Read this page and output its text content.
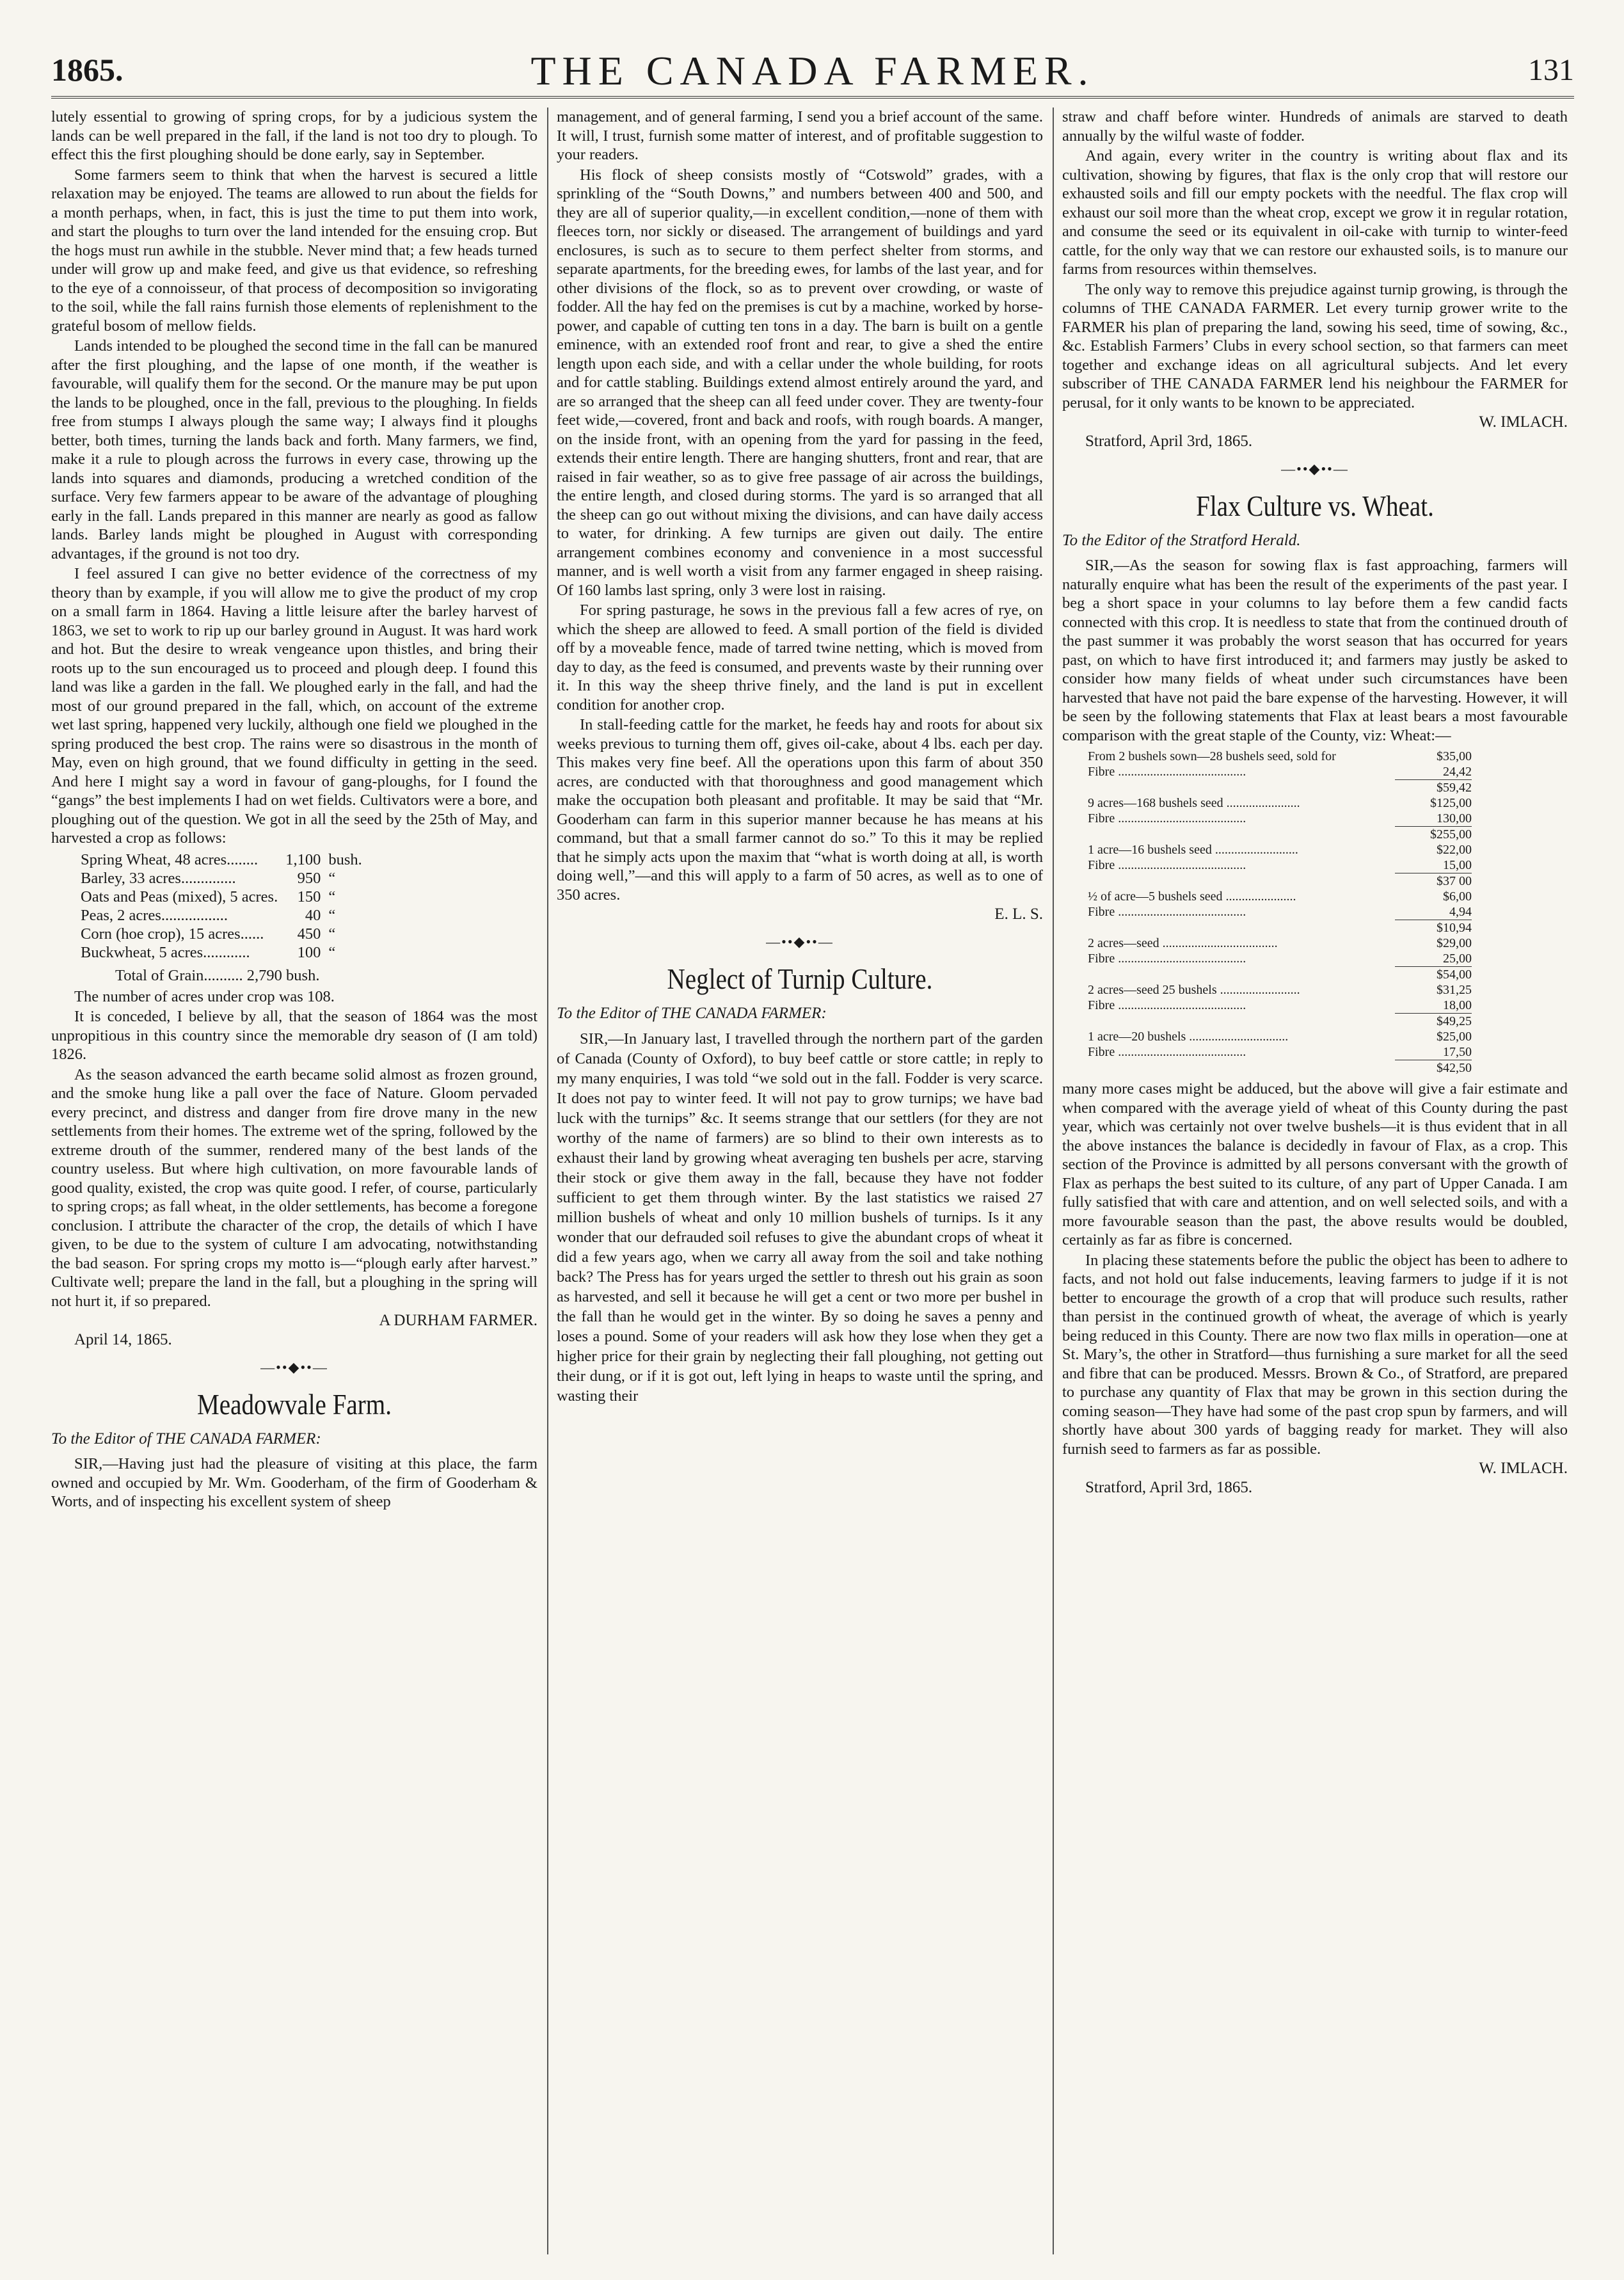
1865.	THE CANADA FARMER.	131

lutely essential to growing of spring crops, for by a judicious system the lands can be well prepared in the fall, if the land is not too dry to plough. To effect this the first ploughing should be done early, say in September.

Some farmers seem to think that when the harvest is secured a little relaxation may be enjoyed. The teams are allowed to run about the fields for a month perhaps, when, in fact, this is just the time to put them into work, and start the ploughs to turn over the land intended for the ensuing crop. But the hogs must run awhile in the stubble. Never mind that; a few heads turned under will grow up and make feed, and give us that evidence, so refreshing to the eye of a connoisseur, of that process of decomposition so invigorating to the soil, while the fall rains furnish those elements of replenishment to the grateful bosom of mellow fields.

Lands intended to be ploughed the second time in the fall can be manured after the first ploughing, and the lapse of one month, if the weather is favourable, will qualify them for the second. Or the manure may be put upon the lands to be ploughed, once in the fall, previous to the ploughing. In fields free from stumps I always plough the same way; I always find it ploughs better, both times, turning the lands back and forth. Many farmers, we find, make it a rule to plough across the furrows in every case, throwing up the lands into squares and diamonds, producing a wretched condition of the surface. Very few farmers appear to be aware of the advantage of ploughing early in the fall. Lands prepared in this manner are nearly as good as fallow lands. Barley lands might be ploughed in August with corresponding advantages, if the ground is not too dry.

I feel assured I can give no better evidence of the correctness of my theory than by example, if you will allow me to give the product of my crop on a small farm in 1864. Having a little leisure after the barley harvest of 1863, we set to work to rip up our barley ground in August. It was hard work and hot. But the desire to wreak vengeance upon thistles, and bring their roots up to the sun encouraged us to proceed and plough deep. I found this land was like a garden in the fall. We ploughed early in the fall, and had the most of our ground prepared in the fall, which, on account of the extreme wet last spring, happened very luckily, although one field we ploughed in the spring produced the best crop. The rains were so disastrous in the month of May, even on high ground, that we found difficulty in getting in the seed. And here I might say a word in favour of gang-ploughs, for I found the “gangs” the best implements I had on wet fields. Cultivators were a bore, and ploughing out of the question. We got in all the seed by the 25th of May, and harvested a crop as follows:

Spring Wheat, 48 acres........	1,100	bush.
Barley, 33 acres..............	950	“
Oats and Peas (mixed), 5 acres.	150	“
Peas, 2 acres.................	40	“
Corn (hoe crop), 15 acres......	450	“
Buckwheat, 5 acres............	100	“
Total of Grain.......... 2,790 bush.

The number of acres under crop was 108.

It is conceded, I believe by all, that the season of 1864 was the most unpropitious in this country since the memorable dry season of (I am told) 1826.

As the season advanced the earth became solid almost as frozen ground, and the smoke hung like a pall over the face of Nature. Gloom pervaded every precinct, and distress and danger from fire drove many in the new settlements from their homes. The extreme wet of the spring, followed by the extreme drouth of the summer, rendered many of the best lands of the country useless. But where high cultivation, on more favourable lands of good quality, existed, the crop was quite good. I refer, of course, particularly to spring crops; as fall wheat, in the older settlements, has become a foregone conclusion. I attribute the character of the crop, the details of which I have given, to be due to the system of culture I am advocating, notwithstanding the bad season. For spring crops my motto is—“plough early after harvest.” Cultivate well; prepare the land in the fall, but a ploughing in the spring will not hurt it, if so prepared.

A DURHAM FARMER.
April 14, 1865.
—••◆••—
Meadowvale Farm.
To the Editor of THE CANADA FARMER:

SIR,—Having just had the pleasure of visiting at this place, the farm owned and occupied by Mr. Wm. Gooderham, of the firm of Gooderham & Worts, and of inspecting his excellent system of sheep

management, and of general farming, I send you a brief account of the same. It will, I trust, furnish some matter of interest, and of profitable suggestion to your readers.

His flock of sheep consists mostly of “Cotswold” grades, with a sprinkling of the “South Downs,” and numbers between 400 and 500, and they are all of superior quality,—in excellent condition,—none of them with fleeces torn, nor sickly or diseased. The arrangement of buildings and yard enclosures, is such as to secure to them perfect shelter from storms, and separate apartments, for the breeding ewes, for lambs of the last year, and for other divisions of the flock, so as to prevent over crowding, or waste of fodder. All the hay fed on the premises is cut by a machine, worked by horse-power, and capable of cutting ten tons in a day. The barn is built on a gentle eminence, with an extended roof front and rear, to give a shed the entire length upon each side, and with a cellar under the whole building, for roots and for cattle stabling. Buildings extend almost entirely around the yard, and are so arranged that the sheep can all feed under cover. They are twenty-four feet wide,—covered, front and back and roofs, with rough boards. A manger, on the inside front, with an opening from the yard for passing in the feed, extends their entire length. There are hanging shutters, front and rear, that are raised in fair weather, so as to give free passage of air across the buildings, the entire length, and closed during storms. The yard is so arranged that all the sheep can go out without mixing the divisions, and can have daily access to water, for drinking. A few turnips are given out daily. The entire arrangement combines economy and convenience in a most successful manner, and is well worth a visit from any farmer engaged in sheep raising. Of 160 lambs last spring, only 3 were lost in raising.

For spring pasturage, he sows in the previous fall a few acres of rye, on which the sheep are allowed to feed. A small portion of the field is divided off by a moveable fence, made of tarred twine netting, which is moved from day to day, as the feed is consumed, and prevents waste by their running over it. In this way the sheep thrive finely, and the land is put in excellent condition for another crop.

In stall-feeding cattle for the market, he feeds hay and roots for about six weeks previous to turning them off, gives oil-cake, about 4 lbs. each per day. This makes very fine beef. All the operations upon this farm of about 350 acres, are conducted with that thoroughness and good management which make the occupation both pleasant and profitable. It may be said that “Mr. Gooderham can farm in this superior manner because he has means at his command, but that a small farmer cannot do so.” To this it may be replied that he simply acts upon the maxim that “what is worth doing at all, is worth doing well,”—and this will apply to a farm of 50 acres, as well as to one of 350 acres.

E. L. S.
—••◆••—
Neglect of Turnip Culture.
To the Editor of THE CANADA FARMER:

SIR,—In January last, I travelled through the northern part of the garden of Canada (County of Oxford), to buy beef cattle or store cattle; in reply to my many enquiries, I was told “we sold out in the fall. Fodder is very scarce. It does not pay to winter feed. It will not pay to grow turnips; we have bad luck with the turnips” &c. It seems strange that our settlers (for they are not worthy of the name of farmers) are so blind to their own interests as to exhaust their land by growing wheat averaging ten bushels per acre, starving their stock or give them away in the fall, because they have not fodder sufficient to get them through winter. By the last statistics we raised 27 million bushels of wheat and only 10 million bushels of turnips. Is it any wonder that our defrauded soil refuses to give the abundant crops of wheat it did a few years ago, when we carry all away from the soil and take nothing back? The Press has for years urged the settler to thresh out his grain as soon as harvested, and sell it because he will get a cent or two more per bushel in the fall than he would get in the winter. By so doing he saves a penny and loses a pound. Some of your readers will ask how they lose when they get a higher price for their grain by neglecting their fall ploughing, not getting out their dung, or if it is got out, left lying in heaps to waste until the spring, and wasting their

straw and chaff before winter. Hundreds of animals are starved to death annually by the wilful waste of fodder.

And again, every writer in the country is writing about flax and its cultivation, showing by figures, that flax is the only crop that will restore our exhausted soils and fill our empty pockets with the needful. The flax crop will exhaust our soil more than the wheat crop, except we grow it in regular rotation, and consume the seed or its equivalent in oil-cake with turnip to winter-feed cattle, for the only way that we can restore our exhausted soils, is to manure our farms from resources within themselves.

The only way to remove this prejudice against turnip growing, is through the columns of THE CANADA FARMER. Let every turnip grower write to the FARMER his plan of preparing the land, sowing his seed, time of sowing, &c., &c. Establish Farmers’ Clubs in every school section, so that farmers can meet together and exchange ideas on all agricultural subjects. And let every subscriber of THE CANADA FARMER lend his neighbour the FARMER for perusal, for it only wants to be known to be appreciated.

W. IMLACH.
Stratford, April 3rd, 1865.
—••◆••—
Flax Culture vs. Wheat.
To the Editor of the Stratford Herald.

SIR,—As the season for sowing flax is fast approaching, farmers will naturally enquire what has been the result of the experiments of the past year. I beg a short space in your columns to lay before them a few candid facts connected with this crop. It is needless to state that from the continued drouth of the past summer it was probably the worst season that has occurred for years past, on which to have first introduced it; and farmers may justly be asked to consider how many fields of wheat under such circumstances have been harvested that have not paid the bare expense of the harvesting. However, it will be seen by the following statements that Flax at least bears a most favourable comparison with the great staple of the County, viz: Wheat:—

From 2 bushels sown—28 bushels seed, sold for	$35,00
Fibre ........................................	24,42
	$59,42
9 acres—168 bushels seed .......................	$125,00
Fibre ........................................	130,00
	$255,00
1 acre—16 bushels seed ..........................	$22,00
Fibre ........................................	15,00
	$37 00
½ of acre—5 bushels seed ......................	$6,00
Fibre ........................................	4,94
	$10,94
2 acres—seed ....................................	$29,00
Fibre ........................................	25,00
	$54,00
2 acres—seed 25 bushels .........................	$31,25
Fibre ........................................	18,00
	$49,25
1 acre—20 bushels ...............................	$25,00
Fibre ........................................	17,50
	$42,50

many more cases might be adduced, but the above will give a fair estimate and when compared with the average yield of wheat of this County during the past year, which was certainly not over twelve bushels—it is thus evident that in all the above instances the balance is decidedly in favour of Flax, as a crop. This section of the Province is admitted by all persons conversant with the growth of Flax as perhaps the best suited to its culture, of any part of Upper Canada. I am fully satisfied that with care and attention, and on well selected soils, and with a more favourable season than the past, the above results would be doubled, certainly as far as fibre is concerned.

In placing these statements before the public the object has been to adhere to facts, and not hold out false inducements, leaving farmers to judge if it is not better to encourage the growth of a crop that will produce such results, rather than persist in the continued growth of wheat, the average of which is yearly being reduced in this County. There are now two flax mills in operation—one at St. Mary’s, the other in Stratford—thus furnishing a sure market for all the seed and fibre that can be produced. Messrs. Brown & Co., of Stratford, are prepared to purchase any quantity of Flax that may be grown in this section during the coming season—They have had some of the past crop spun by farmers, and will shortly have about 300 yards of bagging ready for market. They will also furnish seed to farmers as far as possible.

W. IMLACH.
Stratford, April 3rd, 1865.
